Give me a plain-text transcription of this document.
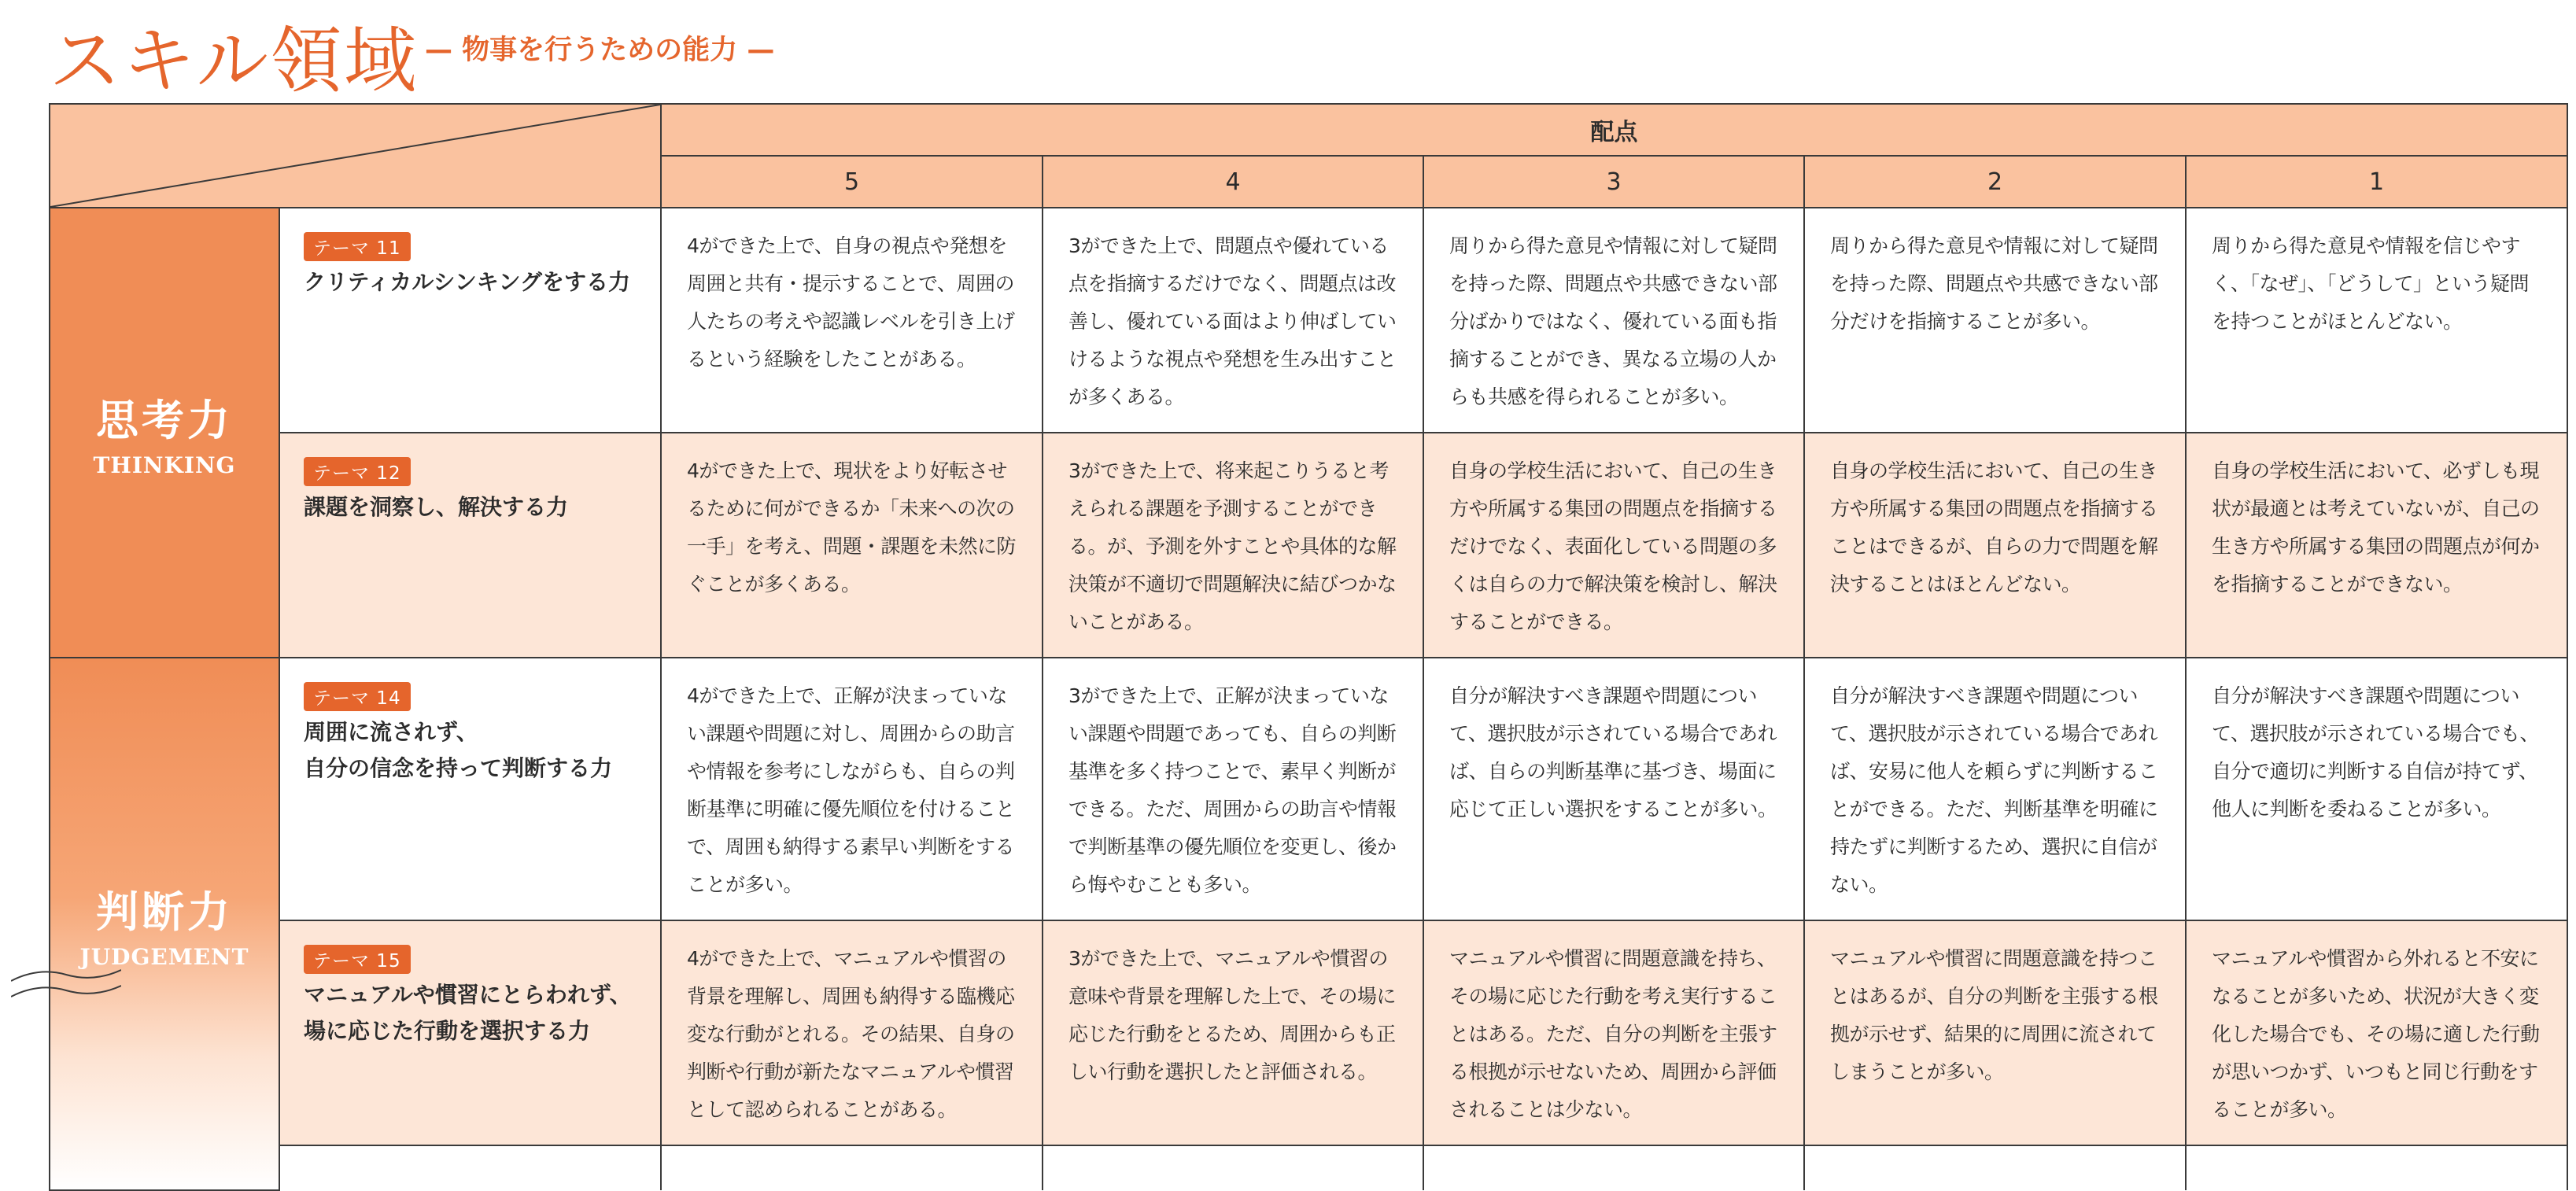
スキル領域 — 物事を行うための能力 —
	配点				
		5	4	3	2	1

思考力
THINKING	テーマ 11
クリティカルシンキングをする力	4ができた上で、自身の視点や発想を周囲と共有・提示することで、周囲の人たちの考えや認識レベルを引き上げるという経験をしたことがある。	3ができた上で、問題点や優れている点を指摘するだけでなく、問題点は改善し、優れている面はより伸ばしていけるような視点や発想を生み出すことが多くある。	周りから得た意見や情報に対して疑問を持った際、問題点や共感できない部分ばかりではなく、優れている面も指摘することができ、異なる立場の人からも共感を得られることが多い。	周りから得た意見や情報に対して疑問を持った際、問題点や共感できない部分だけを指摘することが多い。	周りから得た意見や情報を信じやすく、「なぜ」、「どうして」という疑問を持つことがほとんどない。
	テーマ 12
課題を洞察し、解決する力	4ができた上で、現状をより好転させるために何ができるか「未来への次の一手」を考え、問題・課題を未然に防ぐことが多くある。	3ができた上で、将来起こりうると考えられる課題を予測することができる。が、予測を外すことや具体的な解決策が不適切で問題解決に結びつかないことがある。	自身の学校生活において、自己の生き方や所属する集団の問題点を指摘するだけでなく、表面化している問題の多くは自らの力で解決策を検討し、解決することができる。	自身の学校生活において、自己の生き方や所属する集団の問題点を指摘することはできるが、自らの力で問題を解決することはほとんどない。	自身の学校生活において、必ずしも現状が最適とは考えていないが、自己の生き方や所属する集団の問題点が何かを指摘することができない。

判断力
JUDGEMENT	テーマ 14
周囲に流されず、
自分の信念を持って判断する力	4ができた上で、正解が決まっていない課題や問題に対し、周囲からの助言や情報を参考にしながらも、自らの判断基準に明確に優先順位を付けることで、周囲も納得する素早い判断をすることが多い。	3ができた上で、正解が決まっていない課題や問題であっても、自らの判断基準を多く持つことで、素早く判断ができる。ただ、周囲からの助言や情報で判断基準の優先順位を変更し、後から悔やむことも多い。	自分が解決すべき課題や問題について、選択肢が示されている場合であれば、自らの判断基準に基づき、場面に応じて正しい選択をすることが多い。	自分が解決すべき課題や問題について、選択肢が示されている場合であれば、安易に他人を頼らずに判断することができる。ただ、判断基準を明確に持たずに判断するため、選択に自信がない。	自分が解決すべき課題や問題について、選択肢が示されている場合でも、自分で適切に判断する自信が持てず、他人に判断を委ねることが多い。
	テーマ 15
マニュアルや慣習にとらわれず、
場に応じた行動を選択する力	4ができた上で、マニュアルや慣習の背景を理解し、周囲も納得する臨機応変な行動がとれる。その結果、自身の判断や行動が新たなマニュアルや慣習として認められることがある。	3ができた上で、マニュアルや慣習の意味や背景を理解した上で、その場に応じた行動をとるため、周囲からも正しい行動を選択したと評価される。	マニュアルや慣習に問題意識を持ち、その場に応じた行動を考え実行することはある。ただ、自分の判断を主張する根拠が示せないため、周囲から評価されることは少ない。	マニュアルや慣習に問題意識を持つことはあるが、自分の判断を主張する根拠が示せず、結果的に周囲に流されてしまうことが多い。	マニュアルや慣習から外れると不安になることが多いため、状況が大きく変化した場合でも、その場に適した行動が思いつかず、いつもと同じ行動をすることが多い。
